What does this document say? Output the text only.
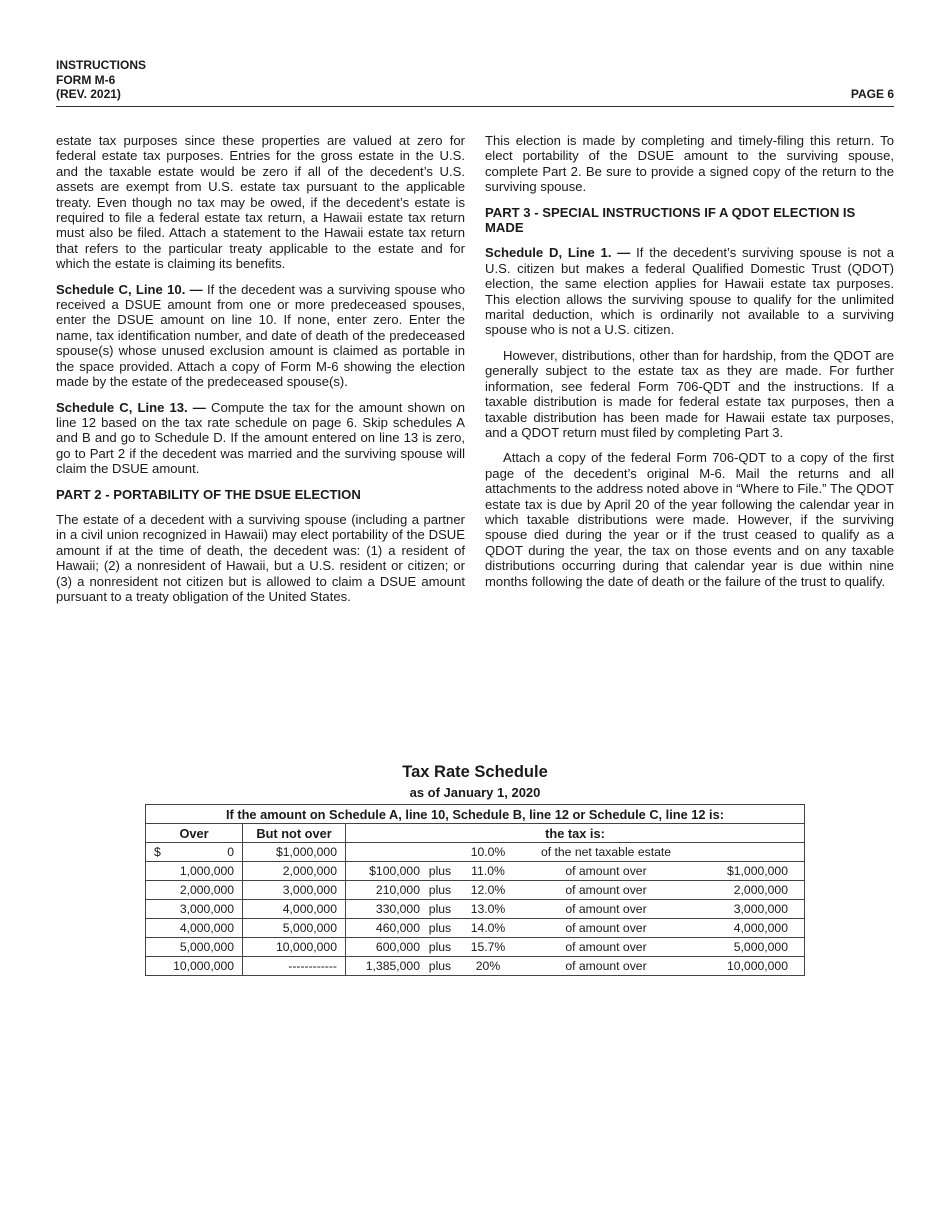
INSTRUCTIONS
FORM M-6
(REV. 2021)	PAGE 6

estate tax purposes since these properties are valued at zero for federal estate tax purposes. Entries for the gross estate in the U.S. and the taxable estate would be zero if all of the decedent’s U.S. assets are exempt from U.S. estate tax pursuant to the applicable treaty. Even though no tax may be owed, if the decedent’s estate is required to file a federal estate tax return, a Hawaii estate tax return must also be filed. Attach a statement to the Hawaii estate tax return that refers to the particular treaty applicable to the estate and for which the estate is claiming its benefits.

Schedule C, Line 10. — If the decedent was a surviving spouse who received a DSUE amount from one or more predeceased spouses, enter the DSUE amount on line 10. If none, enter zero. Enter the name, tax identification number, and date of death of the predeceased spouse(s) whose unused exclusion amount is claimed as portable in the space provided. Attach a copy of Form M-6 showing the election made by the estate of the predeceased spouse(s).

Schedule C, Line 13. — Compute the tax for the amount shown on line 12 based on the tax rate schedule on page 6. Skip schedules A and B and go to Schedule D. If the amount entered on line 13 is zero, go to Part 2 if the decedent was married and the surviving spouse will claim the DSUE amount.

PART 2 - PORTABILITY OF THE DSUE ELECTION

The estate of a decedent with a surviving spouse (including a partner in a civil union recognized in Hawaii) may elect portability of the DSUE amount if at the time of death, the decedent was: (1) a resident of Hawaii; (2) a nonresident of Hawaii, but a U.S. resident or citizen; or (3) a nonresident not citizen but is allowed to claim a DSUE amount pursuant to a treaty obligation of the United States.

This election is made by completing and timely-filing this return. To elect portability of the DSUE amount to the surviving spouse, complete Part 2. Be sure to provide a signed copy of the return to the surviving spouse.

PART 3 - SPECIAL INSTRUCTIONS IF A QDOT ELECTION IS MADE

Schedule D, Line 1. — If the decedent’s surviving spouse is not a U.S. citizen but makes a federal Qualified Domestic Trust (QDOT) election, the same election applies for Hawaii estate tax purposes. This election allows the surviving spouse to qualify for the unlimited marital deduction, which is ordinarily not available to a surviving spouse who is not a U.S. citizen.

However, distributions, other than for hardship, from the QDOT are generally subject to the estate tax as they are made. For further information, see federal Form 706-QDT and the instructions. If a taxable distribution is made for federal estate tax purposes, then a taxable distribution has been made for Hawaii estate tax purposes, and a QDOT return must filed by completing Part 3.

Attach a copy of the federal Form 706-QDT to a copy of the first page of the decedent’s original M-6. Mail the returns and all attachments to the address noted above in “Where to File.” The QDOT estate tax is due by April 20 of the year following the calendar year in which taxable distributions were made. However, if the surviving spouse died during the year or if the trust ceased to qualify as a QDOT during the year, the tax on those events and on any taxable distributions occurring during that calendar year is due within nine months following the date of death or the failure of the trust to qualify.

Tax Rate Schedule
as of January 1, 2020
If the amount on Schedule A, line 10, Schedule B, line 12 or Schedule C, line 12 is:		
Over	But not over	the tax is:

$ 0	$1,000,000	10.0% of the net taxable estate

1,000,000	2,000,000	$100,000 plus 11.0% of amount over $1,000,000

2,000,000	3,000,000	210,000 plus 12.0% of amount over 2,000,000

3,000,000	4,000,000	330,000 plus 13.0% of amount over 3,000,000

4,000,000	5,000,000	460,000 plus 14.0% of amount over 4,000,000

5,000,000	10,000,000	600,000 plus 15.7% of amount over 5,000,000

10,000,000	------------	1,385,000 plus 20% of amount over 10,000,000
